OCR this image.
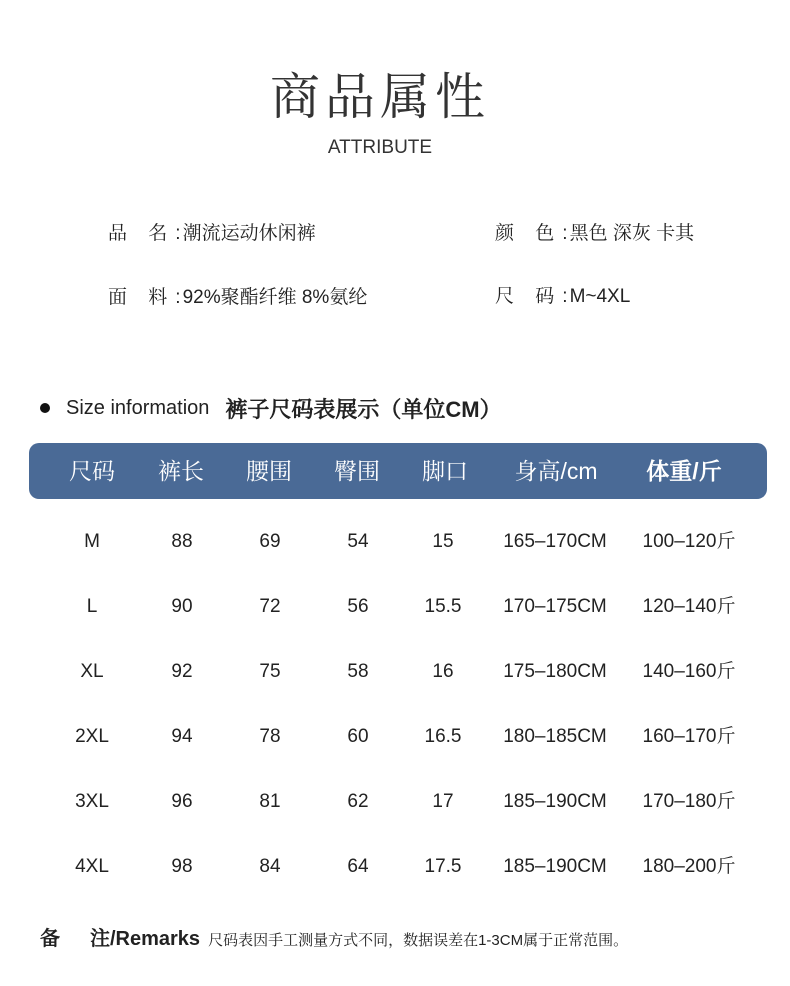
商品属性
ATTRIBUTE
品 名: 潮流运动休闲裤	颜 色: 黑色 深灰 卡其
面 料: 92%聚酯纤维 8%氨纶	尺 码: M~4XL
Size information 裤子尺码表展示（单位CM）
尺码 裤长 腰围 臀围 脚口 身高/cm 体重/斤
M	88	69	54	15	165–170CM 100–120斤
L	90	72	56	15.5 170–175CM 120–140斤
XL	92	75	58	16	175–180CM 140–160斤
2XL	94	78	60	16.5 180–185CM 160–170斤
3XL	96	81	62	17	185–190CM 170–180斤
4XL	98	84	64	17.5 185–190CM 180–200斤
备 注/Remarks 尺码表因手工测量方式不同，数据误差在1-3CM属于正常范围。
